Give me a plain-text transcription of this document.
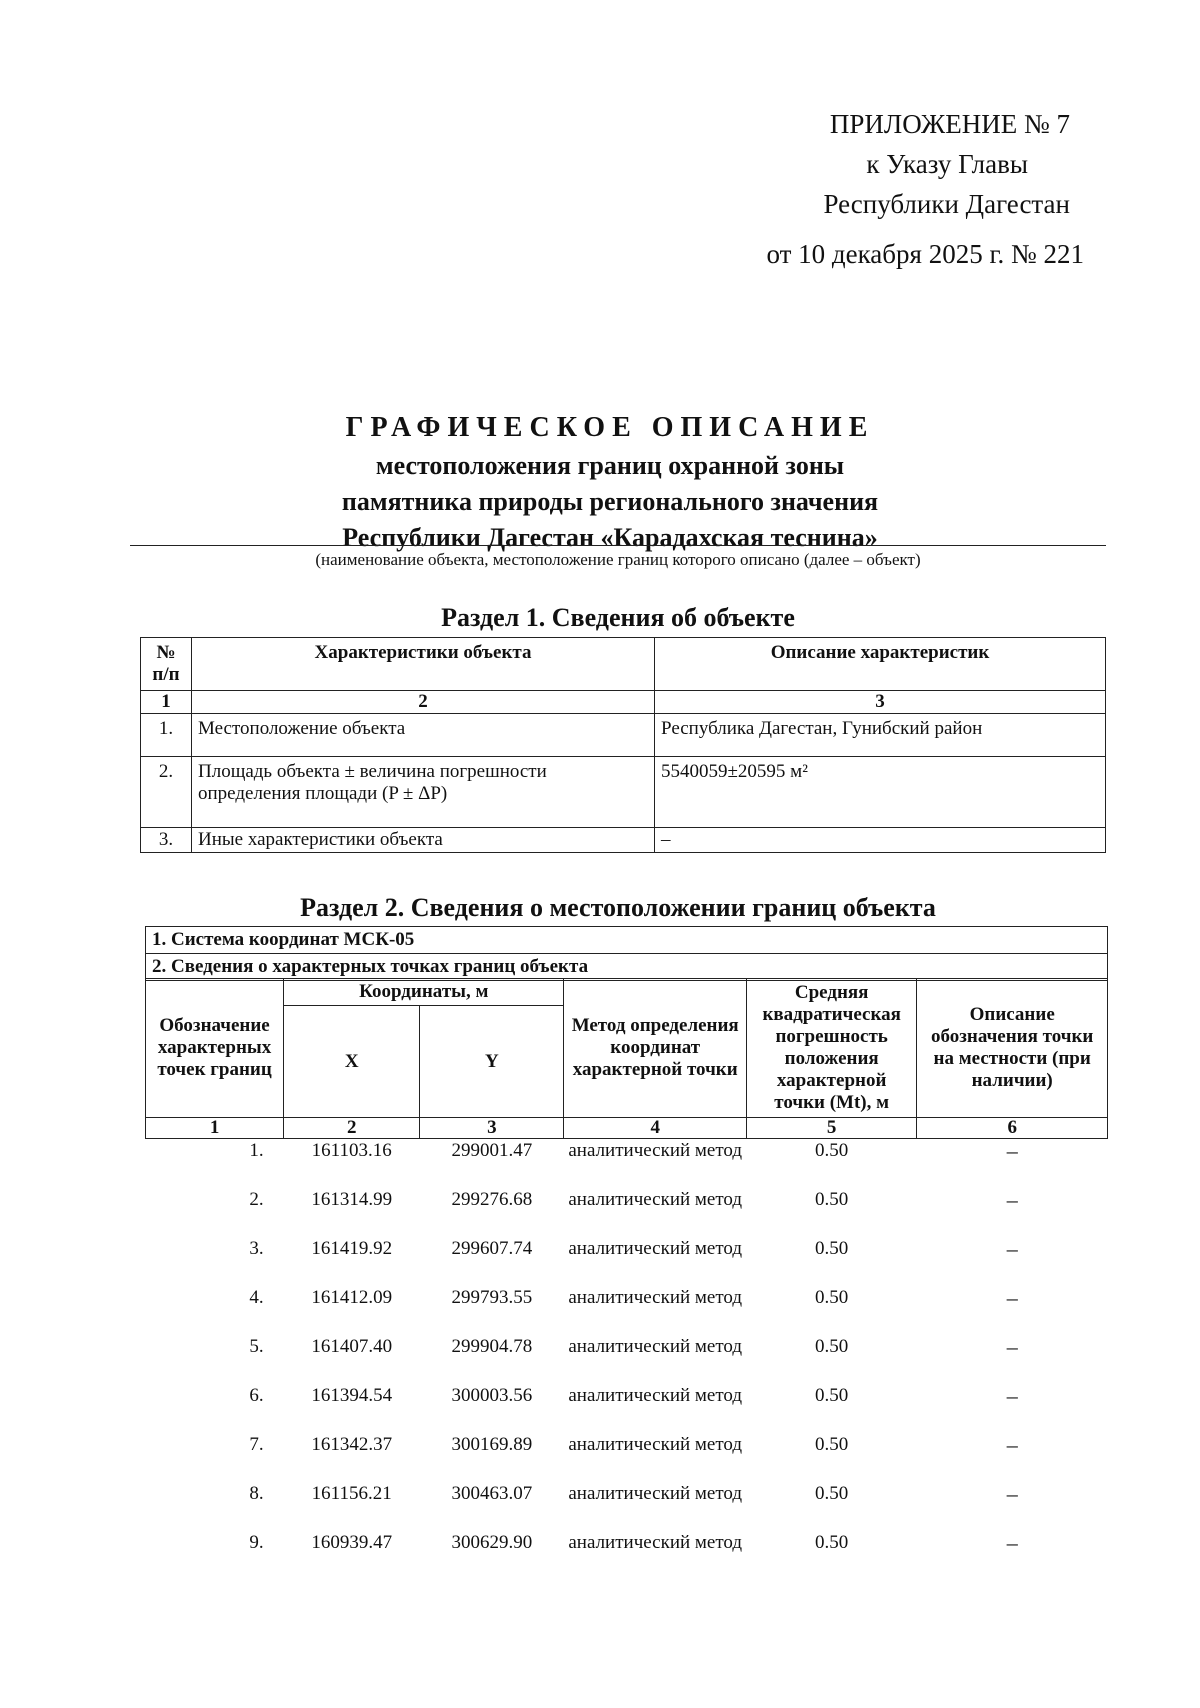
ПРИЛОЖЕНИЕ № 7
к Указу Главы
Республики Дагестан
от 10 декабря 2025 г. № 221
ГРАФИЧЕСКОЕ ОПИСАНИЕ
местоположения границ охранной зоны
памятника природы регионального значения
Республики Дагестан «Карадахская теснина»
(наименование объекта, местоположение границ которого описано (далее – объект)
Раздел 1. Сведения об объекте
№ п/п	Характеристики объекта	Описание характеристик
1	2	3
1.	Местоположение объекта	Республика Дагестан, Гунибский район
2.	Площадь объекта ± величина погрешности определения площади (P ± ΔP)	5540059±20595 м²
3.	Иные характеристики объекта	–
Раздел 2. Сведения о местоположении границ объекта
1. Система координат МСК-05
2. Сведения о характерных точках границ объекта
Обозначение характерных точек границ	Координаты, м		Метод определения координат характерной точки	Средняя квадратическая погрешность положения характерной точки (Mt), м	Описание обозначения точки на местности (при наличии)
	X	Y			
1	2	3	4	5	6
1.	161103.16	299001.47	аналитический метод	0.50	–
2.	161314.99	299276.68	аналитический метод	0.50	–
3.	161419.92	299607.74	аналитический метод	0.50	–
4.	161412.09	299793.55	аналитический метод	0.50	–
5.	161407.40	299904.78	аналитический метод	0.50	–
6.	161394.54	300003.56	аналитический метод	0.50	–
7.	161342.37	300169.89	аналитический метод	0.50	–
8.	161156.21	300463.07	аналитический метод	0.50	–
9.	160939.47	300629.90	аналитический метод	0.50	–
